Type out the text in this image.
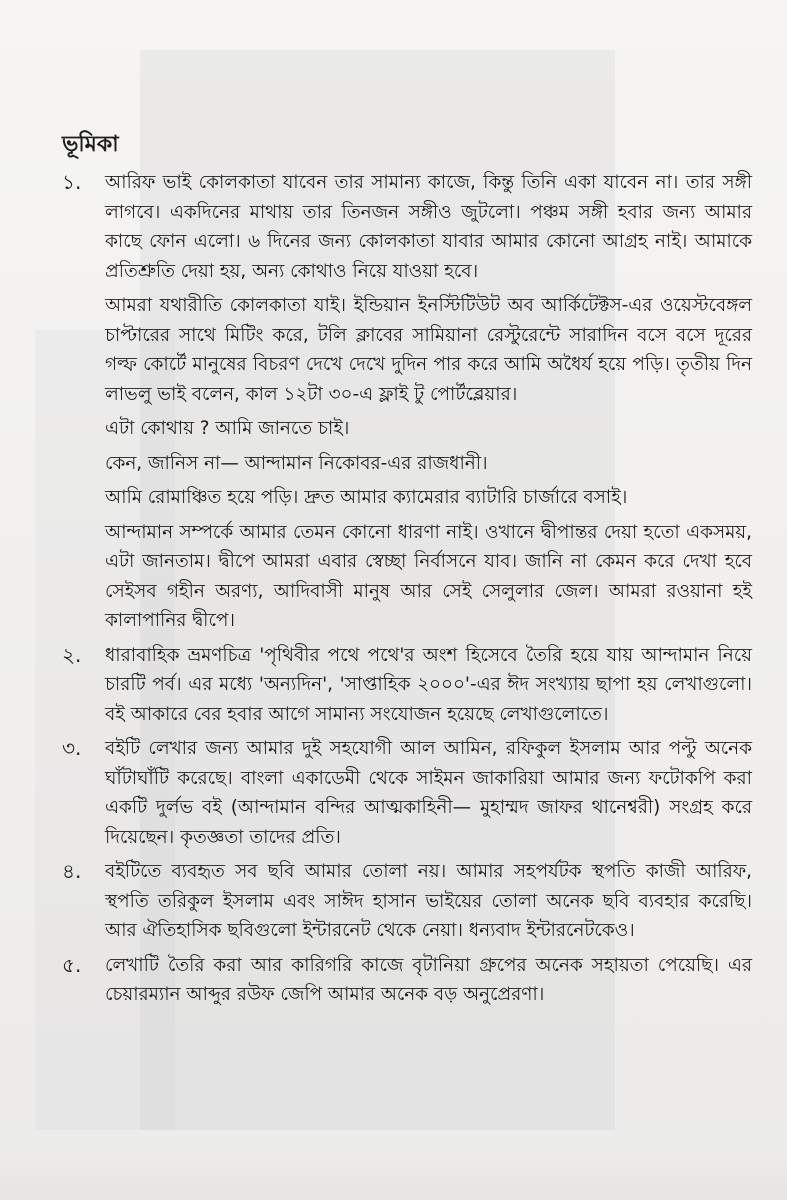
ভূমিকা
১.	আরিফ ভাই কোলকাতা যাবেন তার সামান্য কাজে, কিন্তু তিনি একা যাবেন না। তার সঙ্গী লাগবে। একদিনের মাথায় তার তিনজন সঙ্গীও জুটলো। পঞ্চম সঙ্গী হবার জন্য আমার কাছে ফোন এলো। ৬ দিনের জন্য কোলকাতা যাবার আমার কোনো আগ্রহ নাই। আমাকে প্রতিশ্রুতি দেয়া হয়, অন্য কোথাও নিয়ে যাওয়া হবে।

আমরা যথারীতি কোলকাতা যাই। ইন্ডিয়ান ইনস্টিটিউট অব আর্কিটেক্টস-এর ওয়েস্টবেঙ্গল চাপ্টারের সাথে মিটিং করে, টলি ক্লাবের সামিয়ানা রেস্টুরেন্টে সারাদিন বসে বসে দূরের গল্ফ কোর্টে মানুষের বিচরণ দেখে দেখে দুদিন পার করে আমি অধৈর্য হয়ে পড়ি। তৃতীয় দিন লাভলু ভাই বলেন, কাল ১২টা ৩০-এ ফ্লাই টু পোর্টব্লেয়ার।

এটা কোথায় ? আমি জানতে চাই।

কেন, জানিস না— আন্দামান নিকোবর-এর রাজধানী।

আমি রোমাঞ্চিত হয়ে পড়ি। দ্রুত আমার ক্যামেরার ব্যাটারি চার্জারে বসাই।

আন্দামান সম্পর্কে আমার তেমন কোনো ধারণা নাই। ওখানে দ্বীপান্তর দেয়া হতো একসময়, এটা জানতাম। দ্বীপে আমরা এবার স্বেচ্ছা নির্বাসনে যাব। জানি না কেমন করে দেখা হবে সেইসব গহীন অরণ্য, আদিবাসী মানুষ আর সেই সেলুলার জেল। আমরা রওয়ানা হই কালাপানির দ্বীপে।

২.	ধারাবাহিক ভ্রমণচিত্র 'পৃথিবীর পথে পথে'র অংশ হিসেবে তৈরি হয়ে যায় আন্দামান নিয়ে চারটি পর্ব। এর মধ্যে 'অন্যদিন', 'সাপ্তাহিক ২০০০'-এর ঈদ সংখ্যায় ছাপা হয় লেখাগুলো। বই আকারে বের হবার আগে সামান্য সংযোজন হয়েছে লেখাগুলোতে।

৩.	বইটি লেখার জন্য আমার দুই সহযোগী আল আমিন, রফিকুল ইসলাম আর পল্টু অনেক ঘাঁটাঘাঁটি করেছে। বাংলা একাডেমী থেকে সাইমন জাকারিয়া আমার জন্য ফটোকপি করা একটি দুর্লভ বই (আন্দামান বন্দির আত্মকাহিনী— মুহাম্মদ জাফর থানেশ্বরী) সংগ্রহ করে দিয়েছেন। কৃতজ্ঞতা তাদের প্রতি।

৪.	বইটিতে ব্যবহৃত সব ছবি আমার তোলা নয়। আমার সহপর্যটক স্থপতি কাজী আরিফ, স্থপতি তরিকুল ইসলাম এবং সাঈদ হাসান ভাইয়ের তোলা অনেক ছবি ব্যবহার করেছি। আর ঐতিহাসিক ছবিগুলো ইন্টারনেট থেকে নেয়া। ধন্যবাদ ইন্টারনেটকেও।

৫.	লেখাটি তৈরি করা আর কারিগরি কাজে বৃটানিয়া গ্রুপের অনেক সহায়তা পেয়েছি। এর চেয়ারম্যান আব্দুর রউফ জেপি আমার অনেক বড় অনুপ্রেরণা।
